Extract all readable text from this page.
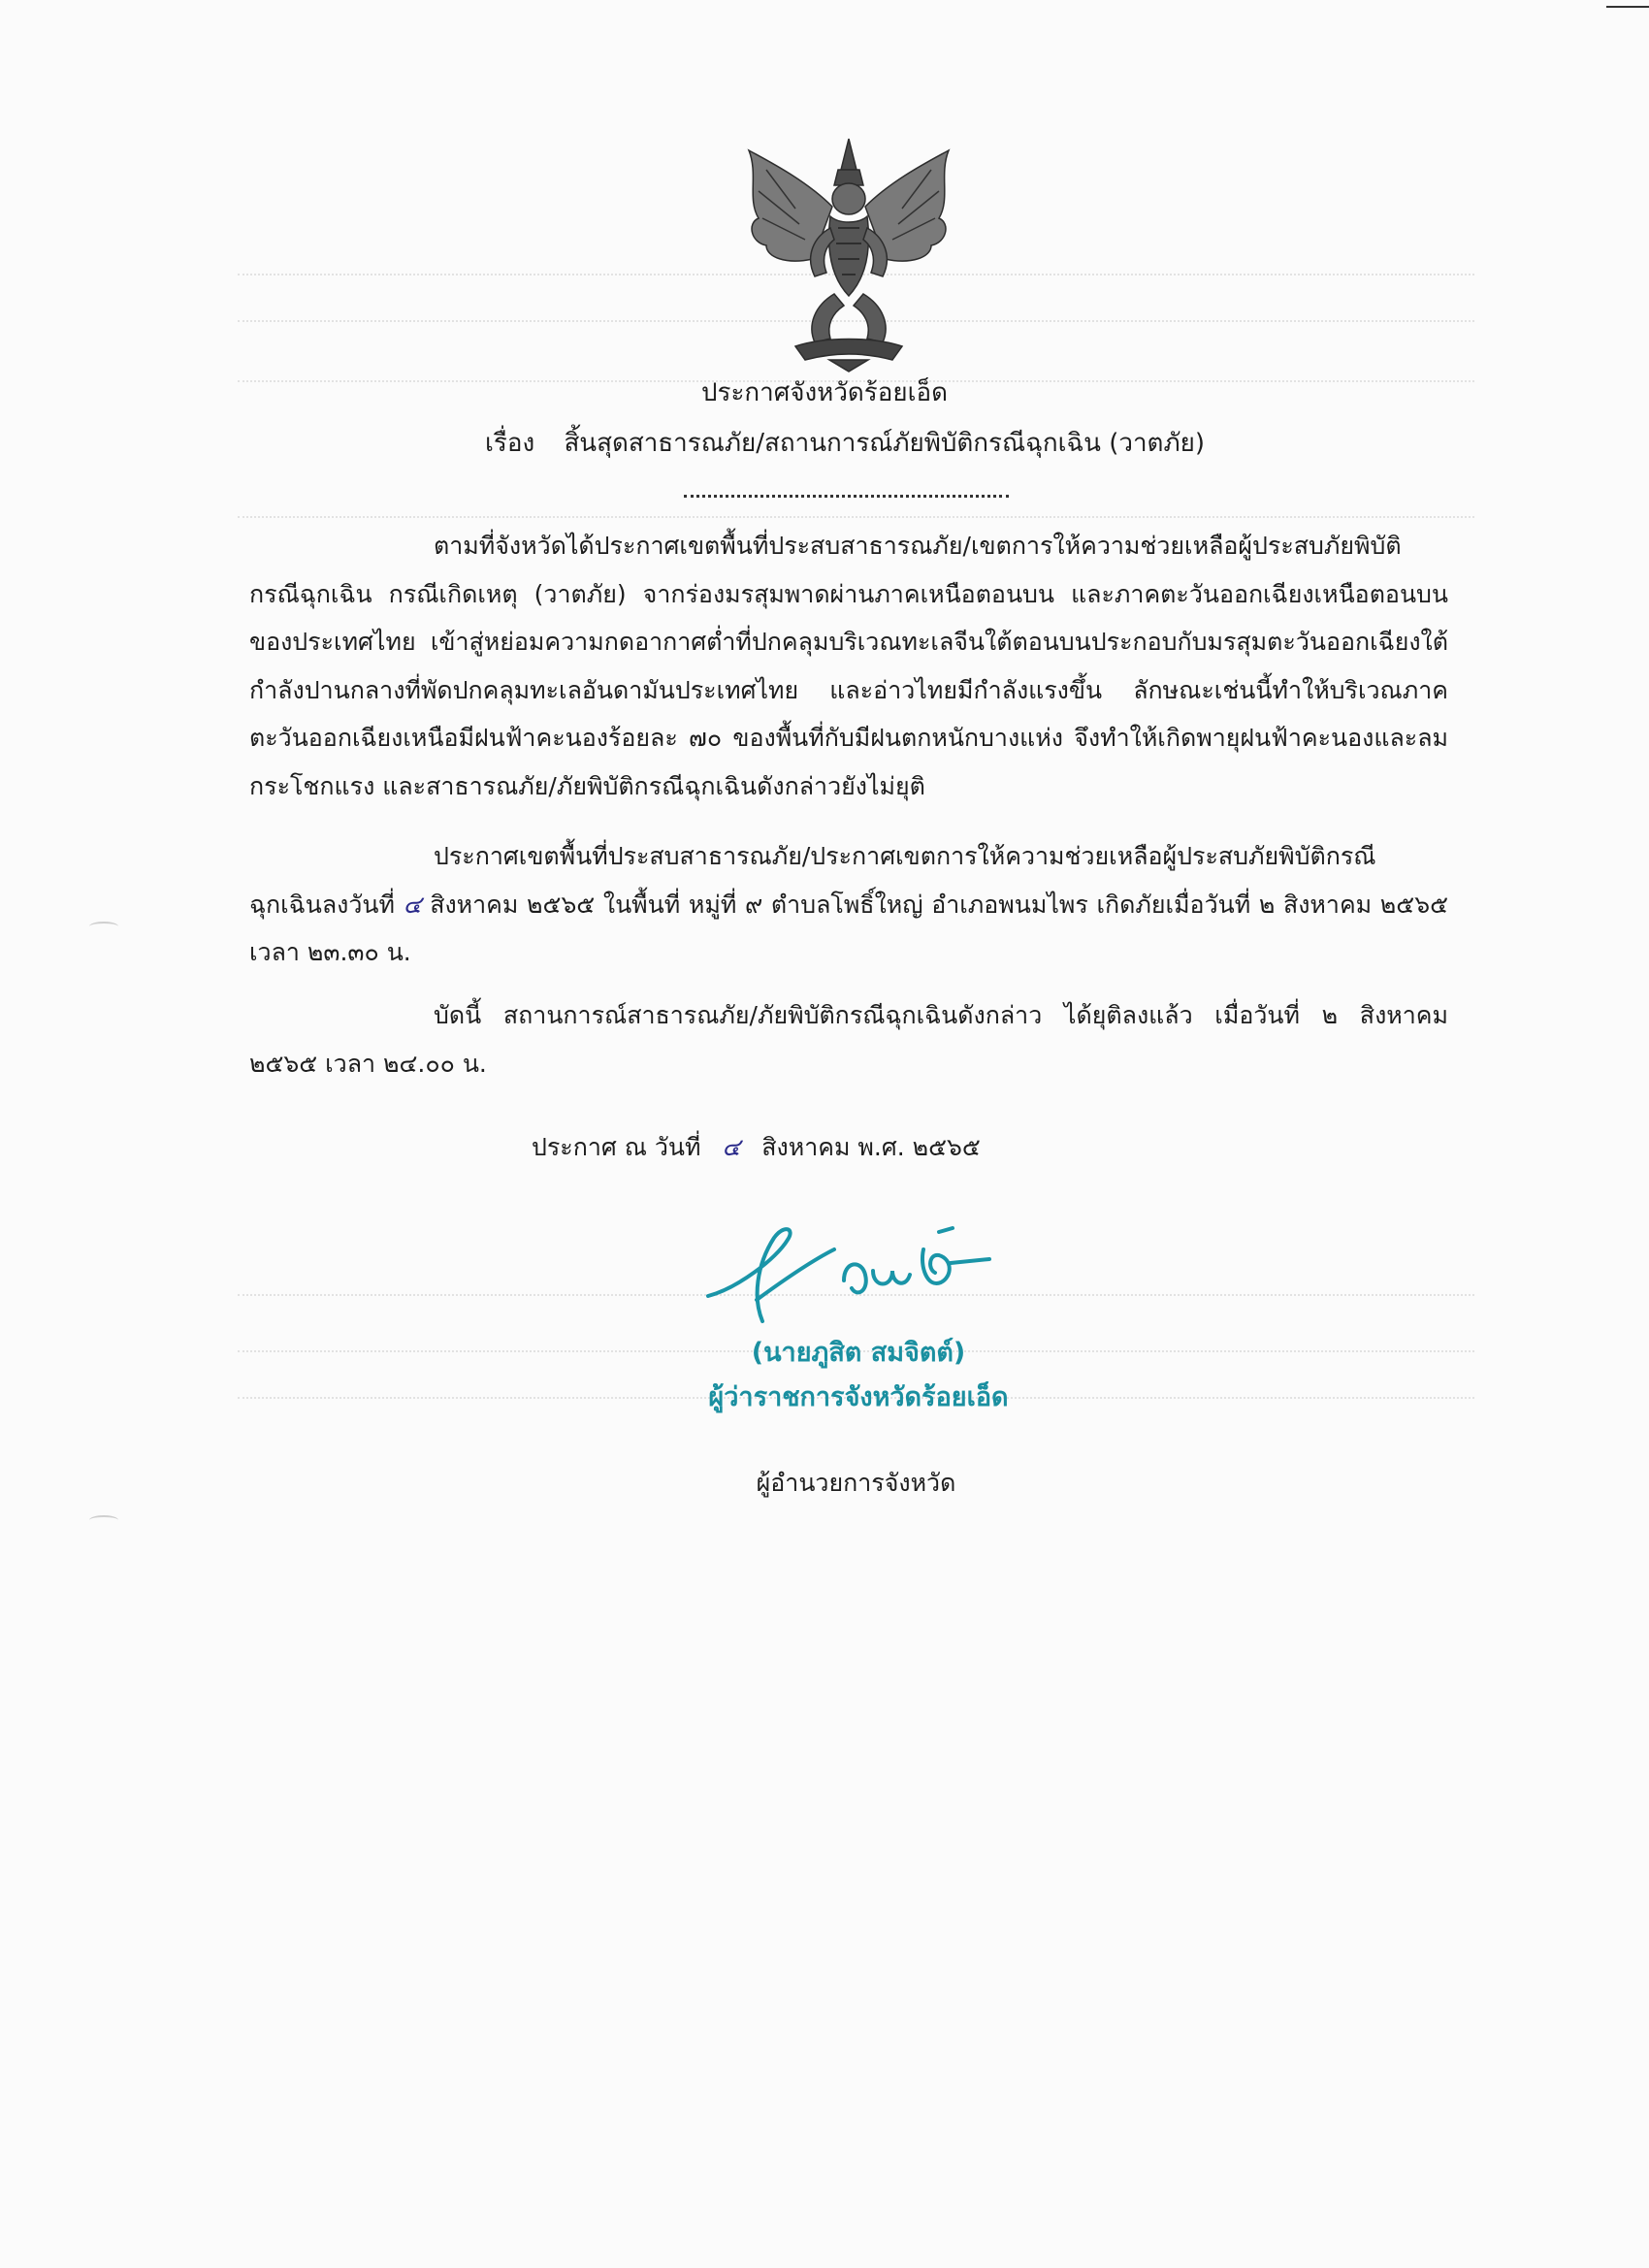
ประกาศจังหวัดร้อยเอ็ด
เรื่อง สิ้นสุดสาธารณภัย/สถานการณ์ภัยพิบัติกรณีฉุกเฉิน (วาตภัย)
ตามที่จังหวัดได้ประกาศเขตพื้นที่ประสบสาธารณภัย/เขตการให้ความช่วยเหลือผู้ประสบภัยพิบัติกรณีฉุกเฉิน กรณีเกิดเหตุ (วาตภัย) จากร่องมรสุมพาดผ่านภาคเหนือตอนบน และภาคตะวันออกเฉียงเหนือตอนบนของประเทศไทย เข้าสู่หย่อมความกดอากาศต่ำที่ปกคลุมบริเวณทะเลจีนใต้ตอนบนประกอบกับมรสุมตะวันออกเฉียงใต้กำลังปานกลางที่พัดปกคลุมทะเลอันดามันประเทศไทย และอ่าวไทยมีกำลังแรงขึ้น ลักษณะเช่นนี้ทำให้บริเวณภาคตะวันออกเฉียงเหนือมีฝนฟ้าคะนองร้อยละ ๗๐ ของพื้นที่กับมีฝนตกหนักบางแห่ง จึงทำให้เกิดพายุฝนฟ้าคะนองและลมกระโชกแรง และสาธารณภัย/ภัยพิบัติกรณีฉุกเฉินดังกล่าวยังไม่ยุติ
ประกาศเขตพื้นที่ประสบสาธารณภัย/ประกาศเขตการให้ความช่วยเหลือผู้ประสบภัยพิบัติกรณีฉุกเฉินลงวันที่ ๔ สิงหาคม ๒๕๖๕ ในพื้นที่ หมู่ที่ ๙ ตำบลโพธิ์ใหญ่ อำเภอพนมไพร เกิดภัยเมื่อวันที่ ๒ สิงหาคม ๒๕๖๕ เวลา ๒๓.๓๐ น.
บัดนี้ สถานการณ์สาธารณภัย/ภัยพิบัติกรณีฉุกเฉินดังกล่าว ได้ยุติลงแล้ว เมื่อวันที่ ๒ สิงหาคม ๒๕๖๕ เวลา ๒๔.๐๐ น.
ประกาศ ณ วันที่ ๔ สิงหาคม พ.ศ. ๒๕๖๕
(นายภูสิต สมจิตต์)
ผู้ว่าราชการจังหวัดร้อยเอ็ด
ผู้อำนวยการจังหวัด
